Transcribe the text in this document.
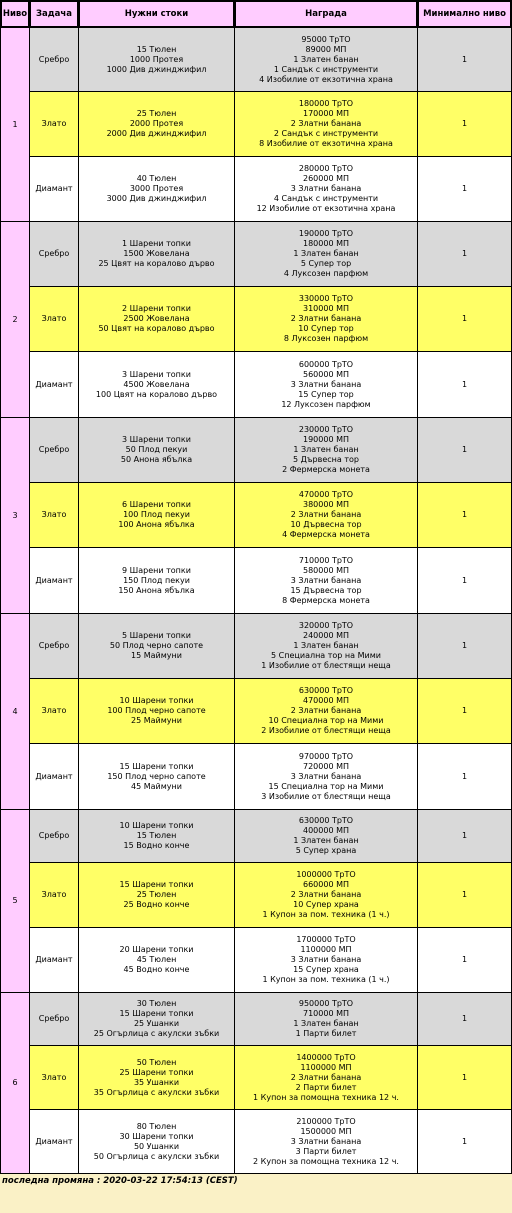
Ниво	Задача	Нужни стоки	Награда	Минимално ниво
1	Сребро	15 Тюлен
1000 Протея
1000 Див джинджифил	95000 ТрТО
89000 МП
1 Златен банан
1 Сандък с инструменти
4 Изобилие от екзотична храна	1
	Злато	25 Тюлен
2000 Протея
2000 Див джинджифил	180000 ТрТО
170000 МП
2 Златни банана
2 Сандък с инструменти
8 Изобилие от екзотична храна	1
	Диамант	40 Тюлен
3000 Протея
3000 Див джинджифил	280000 ТрТО
260000 МП
3 Златни банана
4 Сандък с инструменти
12 Изобилие от екзотична храна	1
2	Сребро	1 Шарени топки
1500 Жовелана
25 Цвят на коралово дърво	190000 ТрТО
180000 МП
1 Златен банан
5 Супер тор
4 Луксозен парфюм	1
	Злато	2 Шарени топки
2500 Жовелана
50 Цвят на коралово дърво	330000 ТрТО
310000 МП
2 Златни банана
10 Супер тор
8 Луксозен парфюм	1
	Диамант	3 Шарени топки
4500 Жовелана
100 Цвят на коралово дърво	600000 ТрТО
560000 МП
3 Златни банана
15 Супер тор
12 Луксозен парфюм	1
3	Сребро	3 Шарени топки
50 Плод пекуи
50 Анона ябълка	230000 ТрТО
190000 МП
1 Златен банан
5 Дървесна тор
2 Фермерска монета	1
	Злато	6 Шарени топки
100 Плод пекуи
100 Анона ябълка	470000 ТрТО
380000 МП
2 Златни банана
10 Дървесна тор
4 Фермерска монета	1
	Диамант	9 Шарени топки
150 Плод пекуи
150 Анона ябълка	710000 ТрТО
580000 МП
3 Златни банана
15 Дървесна тор
8 Фермерска монета	1
4	Сребро	5 Шарени топки
50 Плод черно сапоте
15 Маймуни	320000 ТрТО
240000 МП
1 Златен банан
5 Специална тор на Мими
1 Изобилие от блестящи неща	1
	Злато	10 Шарени топки
100 Плод черно сапоте
25 Маймуни	630000 ТрТО
470000 МП
2 Златни банана
10 Специална тор на Мими
2 Изобилие от блестящи неща	1
	Диамант	15 Шарени топки
150 Плод черно сапоте
45 Маймуни	970000 ТрТО
720000 МП
3 Златни банана
15 Специална тор на Мими
3 Изобилие от блестящи неща	1
5	Сребро	10 Шарени топки
15 Тюлен
15 Водно конче	630000 ТрТО
400000 МП
1 Златен банан
5 Супер храна	1
	Злато	15 Шарени топки
25 Тюлен
25 Водно конче	1000000 ТрТО
660000 МП
2 Златни банана
10 Супер храна
1 Купон за пом. техника (1 ч.)	1
	Диамант	20 Шарени топки
45 Тюлен
45 Водно конче	1700000 ТрТО
1100000 МП
3 Златни банана
15 Супер храна
1 Купон за пом. техника (1 ч.)	1
6	Сребро	30 Тюлен
15 Шарени топки
25 Ушанки
25 Огърлица с акулски зъбки	950000 ТрТО
710000 МП
1 Златен банан
1 Парти билет	1
	Злато	50 Тюлен
25 Шарени топки
35 Ушанки
35 Огърлица с акулски зъбки	1400000 ТрТО
1100000 МП
2 Златни банана
2 Парти билет
1 Купон за помощна техника 12 ч.	1
	Диамант	80 Тюлен
30 Шарени топки
50 Ушанки
50 Огърлица с акулски зъбки	2100000 ТрТО
1500000 МП
3 Златни банана
3 Парти билет
2 Купон за помощна техника 12 ч.	1
последна промяна : 2020-03-22 17:54:13 (CEST)
